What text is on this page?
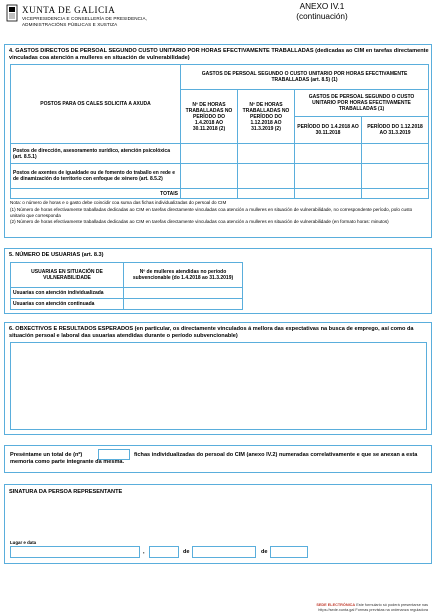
XUNTA DE GALICIA
VICEPRESIDENCIA E CONSELLERÍA DE PRESIDENCIA,
ADMINISTRACIÓNS PÚBLICAS E XUSTIZA
ANEXO IV.1
(continuación)
4. GASTOS DIRECTOS DE PERSOAL SEGUNDO CUSTO UNITARIO POR HORAS EFECTIVAMENTE TRABALLADAS (dedicadas ao CIM en tarefas directamente vinculadas coa atención a mulleres en situación de vulnerabilidade)
POSTOS PARA OS CALES SOLICITA A AXUDA	GASTOS DE PERSOAL SEGUNDO O CUSTO UNITARIO POR HORAS EFECTIVAMENTE TRABALLADAS (art. 8.5) (1)			
	Nº DE HORAS TRABALLADAS NO PERÍODO DO 1.4.2018 AO 30.11.2018 (2)	Nº DE HORAS TRABALLADAS NO PERÍODO DO 1.12.2018 AO 31.3.2019 (2)	GASTOS DE PERSOAL SEGUNDO O CUSTO UNITARIO POR HORAS EFECTIVAMENTE TRABALLADAS (1)	
			PERÍODO DO 1.4.2018 AO 30.11.2018	PERÍODO DO 1.12.2018 AO 31.3.2019
Postos de dirección, asesoramento xurídico, atención psicolóxica (art. 8.5.1)				
Postos de axentes de igualdade ou de fomento do traballo en rede e de dinamización do territorio con enfoque de xénero (art. 8.5.2)				
TOTAIS				
Nota: o número de horas e o gasto debe coincidir coa suma das fichas individualizadas do persoal do CIM
(1) Número de horas efectivamente traballadas dedicadas ao CIM en tarefas directamente vinculadas coa atención a mulleres en situación de vulnerabilidade, no correspondente período, polo custo unitario que corresponda
(2) Número de horas efectivamente traballadas dedicadas ao CIM en tarefas directamente vinculadas coa atención a mulleres en situación de vulnerabilidade (en formato horas: minutos)
5. NÚMERO DE USUARIAS (art. 8.3)
USUARIAS EN SITUACIÓN DE VULNERABILIDADE	Nº de mulleres atendidas no período subvencionable (do 1.4.2018 ao 31.3.2019)
Usuarias con atención individualizada	
Usuarias con atención continuada	
6. OBXECTIVOS E RESULTADOS ESPERADOS (en particular, os directamente vinculados á mellora das expectativas na busca de emprego, así como da situación persoal e laboral das usuarias atendidas durante o período subvencionable)
Preséntame un total de (nº)	fichas individualizadas do persoal do CIM (anexo IV.2) numeradas correlativamente e que se anexan a esta memoria como parte integrante da mesma.
SINATURA DA PERSOA REPRESENTANTE
Lugar e data
,	de	de
SEDE ELECTRÓNICA Este formulario só poderá presentarse nas
https://sede.xunta.gal Formas previstas na ordenanza reguladora
